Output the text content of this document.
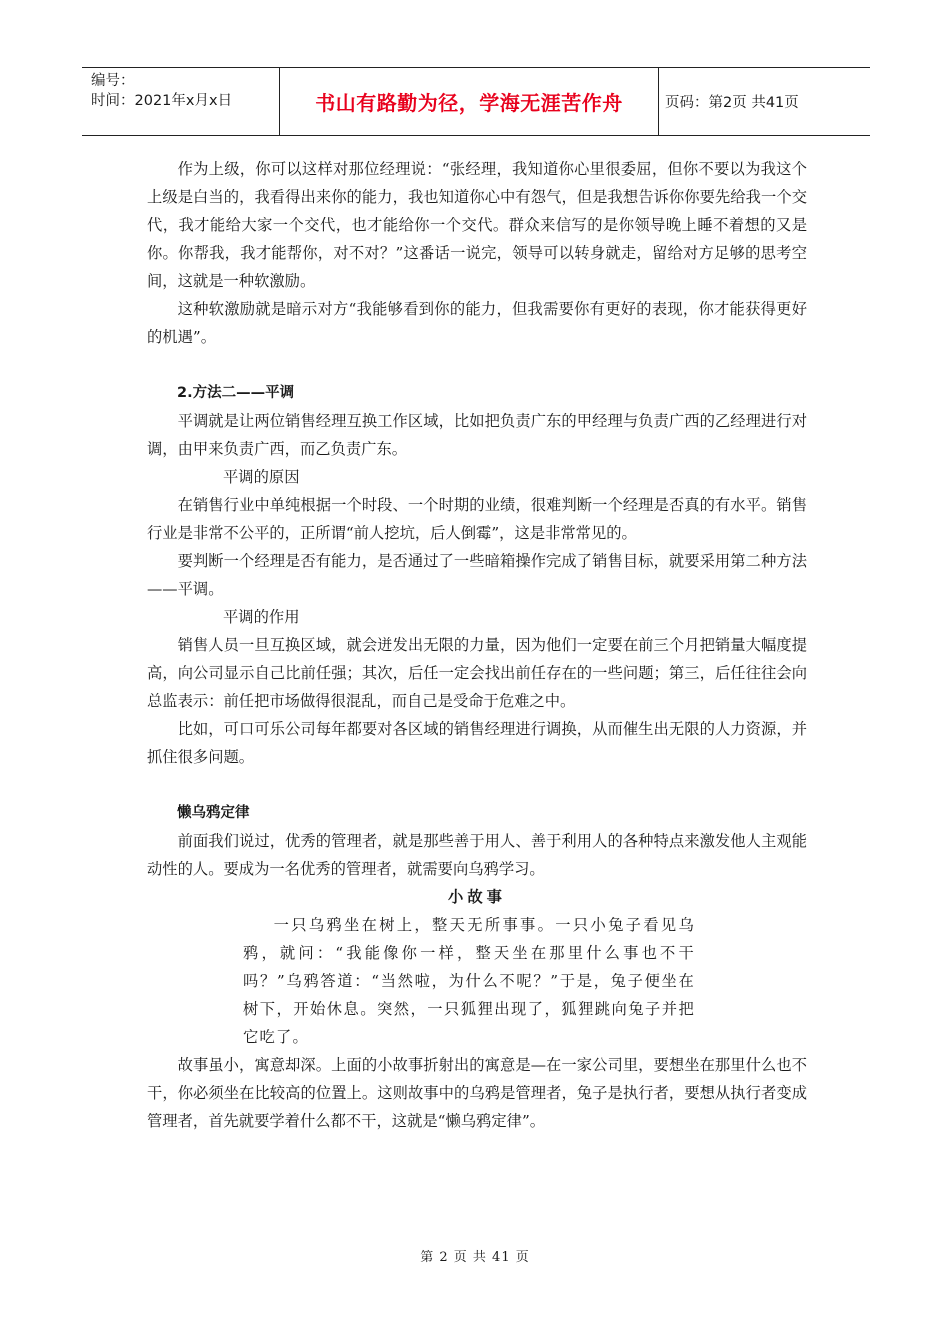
编号：
时间：2021年x月x日	书山有路勤为径，学海无涯苦作舟	页码：第2页 共41页

作为上级，你可以这样对那位经理说：“张经理，我知道你心里很委屈，但你不要以为我这个上级是白当的，我看得出来你的能力，我也知道你心中有怨气，但是我想告诉你你要先给我一个交代，我才能给大家一个交代，也才能给你一个交代。群众来信写的是你领导晚上睡不着想的又是你。你帮我，我才能帮你，对不对？”这番话一说完，领导可以转身就走，留给对方足够的思考空间，这就是一种软激励。

这种软激励就是暗示对方“我能够看到你的能力，但我需要你有更好的表现，你才能获得更好的机遇”。

2.方法二——平调

平调就是让两位销售经理互换工作区域，比如把负责广东的甲经理与负责广西的乙经理进行对调，由甲来负责广西，而乙负责广东。

平调的原因

在销售行业中单纯根据一个时段、一个时期的业绩，很难判断一个经理是否真的有水平。销售行业是非常不公平的，正所谓“前人挖坑，后人倒霉”，这是非常常见的。

要判断一个经理是否有能力，是否通过了一些暗箱操作完成了销售目标，就要采用第二种方法——平调。

平调的作用

销售人员一旦互换区域，就会迸发出无限的力量，因为他们一定要在前三个月把销量大幅度提高，向公司显示自己比前任强；其次，后任一定会找出前任存在的一些问题；第三，后任往往会向总监表示：前任把市场做得很混乱，而自己是受命于危难之中。

比如，可口可乐公司每年都要对各区域的销售经理进行调换，从而催生出无限的人力资源，并抓住很多问题。

懒乌鸦定律

前面我们说过，优秀的管理者，就是那些善于用人、善于利用人的各种特点来激发他人主观能动性的人。要成为一名优秀的管理者，就需要向乌鸦学习。

小故事

一只乌鸦坐在树上，整天无所事事。一只小兔子看见乌鸦，就问：“我能像你一样，整天坐在那里什么事也不干吗？”乌鸦答道：“当然啦，为什么不呢？”于是，兔子便坐在树下，开始休息。突然，一只狐狸出现了，狐狸跳向兔子并把它吃了。

故事虽小，寓意却深。上面的小故事折射出的寓意是—在一家公司里，要想坐在那里什么也不干，你必须坐在比较高的位置上。这则故事中的乌鸦是管理者，兔子是执行者，要想从执行者变成管理者，首先就要学着什么都不干，这就是“懒乌鸦定律”。

第 2 页 共 41 页
